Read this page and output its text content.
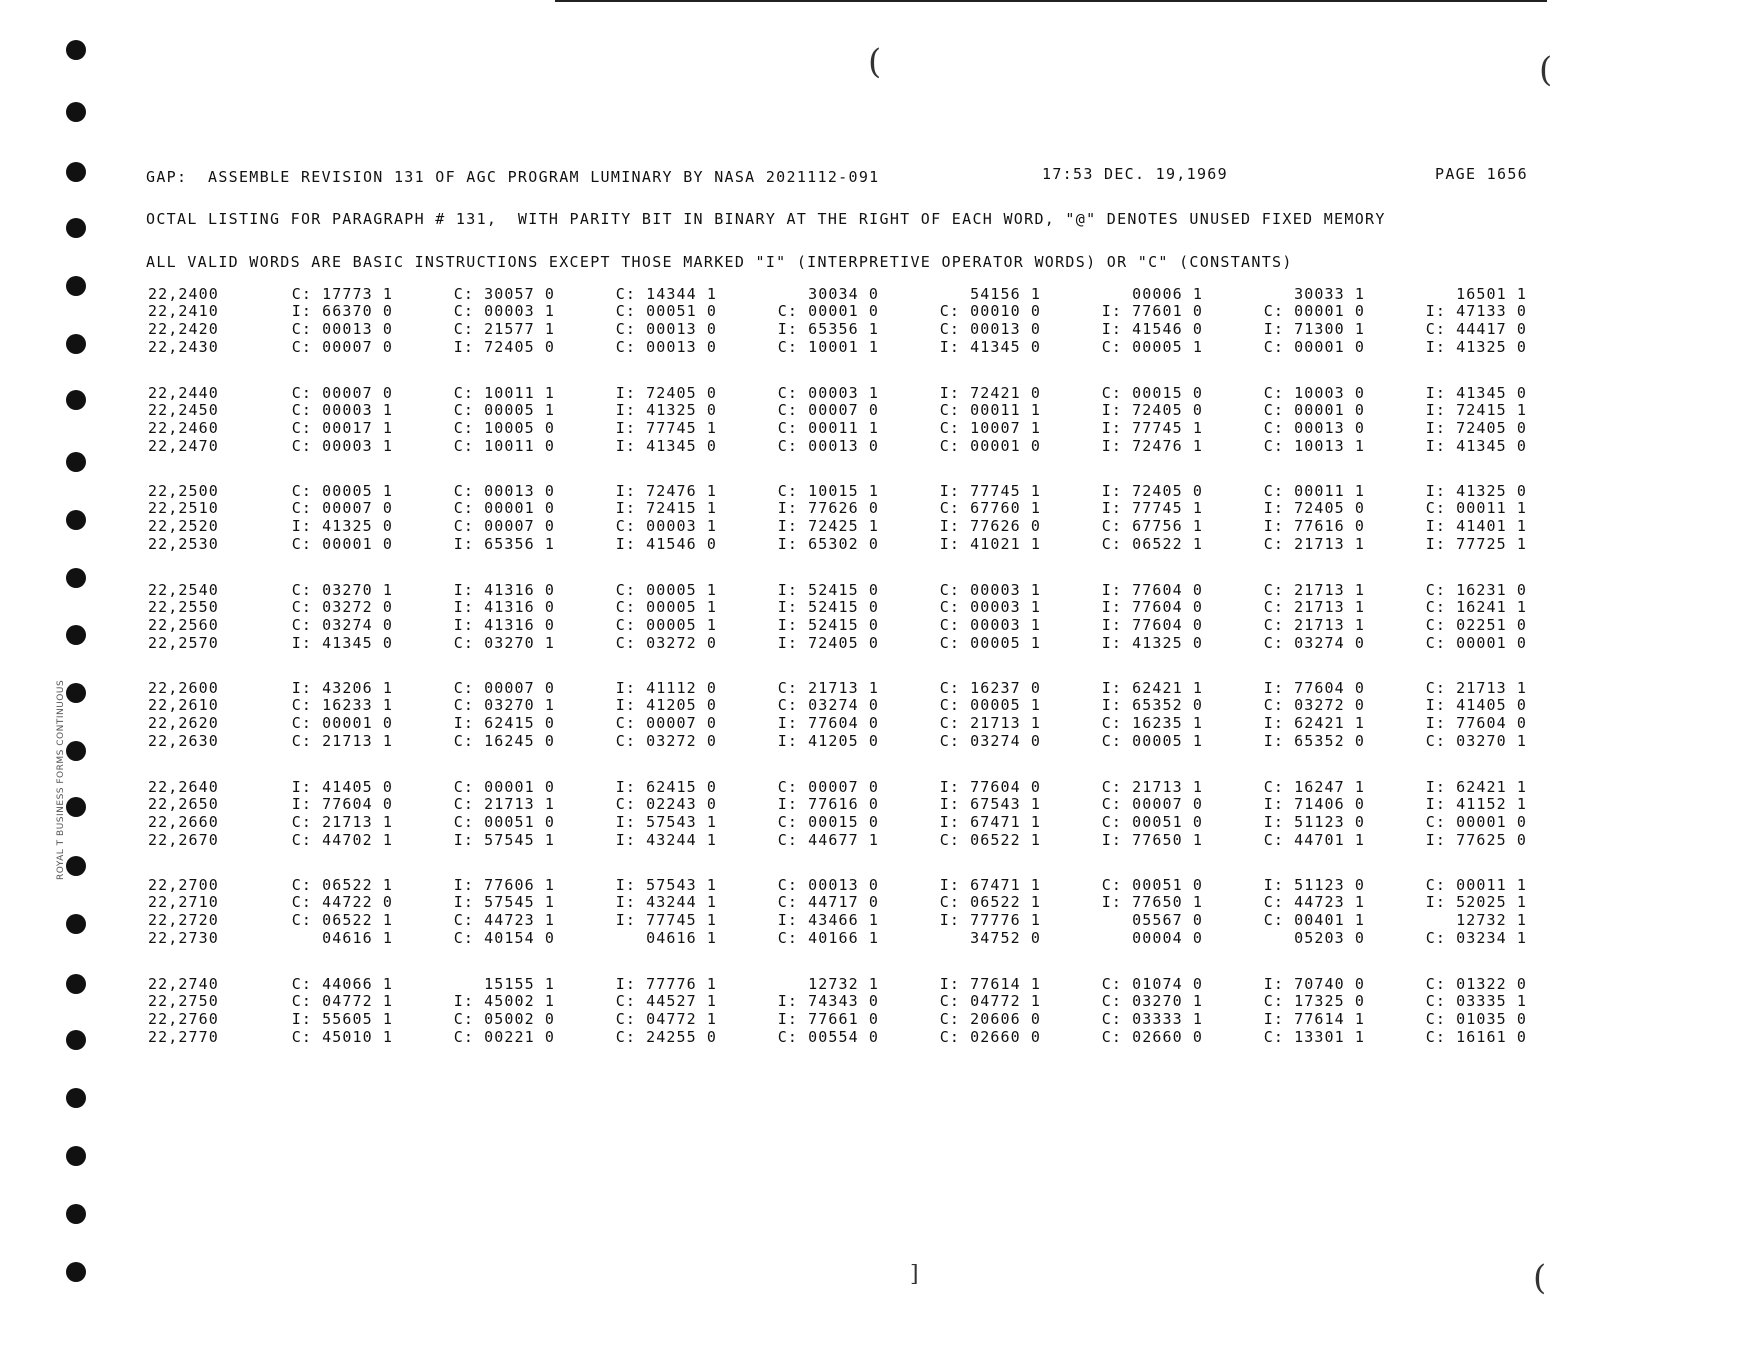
ROYAL T BUSINESS FORMS CONTINUOUS
(	(
(
]
GAP:  ASSEMBLE REVISION 131 OF AGC PROGRAM LUMINARY BY NASA 2021112-091	17:53 DEC. 19,1969	PAGE 1656
OCTAL LISTING FOR PARAGRAPH # 131,  WITH PARITY BIT IN BINARY AT THE RIGHT OF EACH WORD, "@" DENOTES UNUSED FIXED MEMORY
ALL VALID WORDS ARE BASIC INSTRUCTIONS EXCEPT THOSE MARKED "I" (INTERPRETIVE OPERATOR WORDS) OR "C" (CONSTANTS)
22,2400	C: 17773 1	C: 30057 0	C: 14344 1	30034 0	54156 1	00006 1	30033 1	16501 1
22,2410	I: 66370 0	C: 00003 1	C: 00051 0	C: 00001 0	C: 00010 0	I: 77601 0	C: 00001 0	I: 47133 0
22,2420	C: 00013 0	C: 21577 1	C: 00013 0	I: 65356 1	C: 00013 0	I: 41546 0	I: 71300 1	C: 44417 0
22,2430	C: 00007 0	I: 72405 0	C: 00013 0	C: 10001 1	I: 41345 0	C: 00005 1	C: 00001 0	I: 41325 0
22,2440	C: 00007 0	C: 10011 1	I: 72405 0	C: 00003 1	I: 72421 0	C: 00015 0	C: 10003 0	I: 41345 0
22,2450	C: 00003 1	C: 00005 1	I: 41325 0	C: 00007 0	C: 00011 1	I: 72405 0	C: 00001 0	I: 72415 1
22,2460	C: 00017 1	C: 10005 0	I: 77745 1	C: 00011 1	C: 10007 1	I: 77745 1	C: 00013 0	I: 72405 0
22,2470	C: 00003 1	C: 10011 0	I: 41345 0	C: 00013 0	C: 00001 0	I: 72476 1	C: 10013 1	I: 41345 0
22,2500	C: 00005 1	C: 00013 0	I: 72476 1	C: 10015 1	I: 77745 1	I: 72405 0	C: 00011 1	I: 41325 0
22,2510	C: 00007 0	C: 00001 0	I: 72415 1	I: 77626 0	C: 67760 1	I: 77745 1	I: 72405 0	C: 00011 1
22,2520	I: 41325 0	C: 00007 0	C: 00003 1	I: 72425 1	I: 77626 0	C: 67756 1	I: 77616 0	I: 41401 1
22,2530	C: 00001 0	I: 65356 1	I: 41546 0	I: 65302 0	I: 41021 1	C: 06522 1	C: 21713 1	I: 77725 1
22,2540	C: 03270 1	I: 41316 0	C: 00005 1	I: 52415 0	C: 00003 1	I: 77604 0	C: 21713 1	C: 16231 0
22,2550	C: 03272 0	I: 41316 0	C: 00005 1	I: 52415 0	C: 00003 1	I: 77604 0	C: 21713 1	C: 16241 1
22,2560	C: 03274 0	I: 41316 0	C: 00005 1	I: 52415 0	C: 00003 1	I: 77604 0	C: 21713 1	C: 02251 0
22,2570	I: 41345 0	C: 03270 1	C: 03272 0	I: 72405 0	C: 00005 1	I: 41325 0	C: 03274 0	C: 00001 0
22,2600	I: 43206 1	C: 00007 0	I: 41112 0	C: 21713 1	C: 16237 0	I: 62421 1	I: 77604 0	C: 21713 1
22,2610	C: 16233 1	C: 03270 1	I: 41205 0	C: 03274 0	C: 00005 1	I: 65352 0	C: 03272 0	I: 41405 0
22,2620	C: 00001 0	I: 62415 0	C: 00007 0	I: 77604 0	C: 21713 1	C: 16235 1	I: 62421 1	I: 77604 0
22,2630	C: 21713 1	C: 16245 0	C: 03272 0	I: 41205 0	C: 03274 0	C: 00005 1	I: 65352 0	C: 03270 1
22,2640	I: 41405 0	C: 00001 0	I: 62415 0	C: 00007 0	I: 77604 0	C: 21713 1	C: 16247 1	I: 62421 1
22,2650	I: 77604 0	C: 21713 1	C: 02243 0	I: 77616 0	I: 67543 1	C: 00007 0	I: 71406 0	I: 41152 1
22,2660	C: 21713 1	C: 00051 0	I: 57543 1	C: 00015 0	I: 67471 1	C: 00051 0	I: 51123 0	C: 00001 0
22,2670	C: 44702 1	I: 57545 1	I: 43244 1	C: 44677 1	C: 06522 1	I: 77650 1	C: 44701 1	I: 77625 0
22,2700	C: 06522 1	I: 77606 1	I: 57543 1	C: 00013 0	I: 67471 1	C: 00051 0	I: 51123 0	C: 00011 1
22,2710	C: 44722 0	I: 57545 1	I: 43244 1	C: 44717 0	C: 06522 1	I: 77650 1	C: 44723 1	I: 52025 1
22,2720	C: 06522 1	C: 44723 1	I: 77745 1	I: 43466 1	I: 77776 1	05567 0	C: 00401 1	12732 1
22,2730	04616 1	C: 40154 0	04616 1	C: 40166 1	34752 0	00004 0	05203 0	C: 03234 1
22,2740	C: 44066 1	15155 1	I: 77776 1	12732 1	I: 77614 1	C: 01074 0	I: 70740 0	C: 01322 0
22,2750	C: 04772 1	I: 45002 1	C: 44527 1	I: 74343 0	C: 04772 1	C: 03270 1	C: 17325 0	C: 03335 1
22,2760	I: 55605 1	C: 05002 0	C: 04772 1	I: 77661 0	C: 20606 0	C: 03333 1	I: 77614 1	C: 01035 0
22,2770	C: 45010 1	C: 00221 0	C: 24255 0	C: 00554 0	C: 02660 0	C: 02660 0	C: 13301 1	C: 16161 0
